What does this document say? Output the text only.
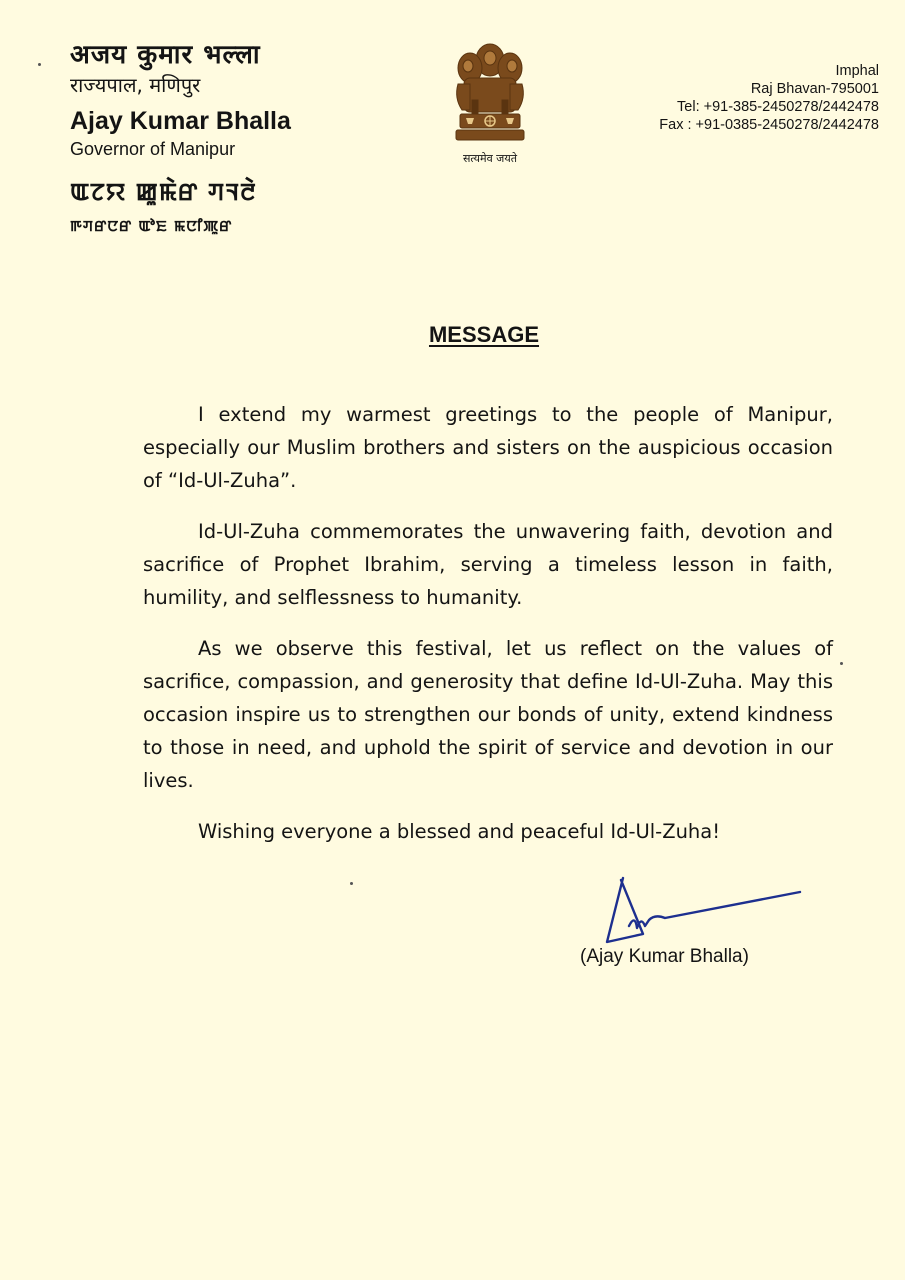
अजय कुमार भल्ला
राज्यपाल, मणिपुर
Ajay Kumar Bhalla
Governor of Manipur
ꯑꯖꯌ ꯀꯨꯃꯥꯔ ꯚꯜꯂꯥ
ꯒꯚꯔꯅꯔ ꯑꯣꯐ ꯃꯅꯤꯄꯨꯔ
सत्यमेव जयते
Imphal
Raj Bhavan-795001
Tel: +91-385-2450278/2442478
Fax : +91-0385-2450278/2442478
MESSAGE

I extend my warmest greetings to the people of Manipur, especially our Muslim brothers and sisters on the auspicious occasion of “Id-Ul-Zuha”.

Id-Ul-Zuha commemorates the unwavering faith, devotion and sacrifice of Prophet Ibrahim, serving a timeless lesson in faith, humility, and selflessness to humanity.

As we observe this festival, let us reflect on the values of sacrifice, compassion, and generosity that define Id-Ul-Zuha. May this occasion inspire us to strengthen our bonds of unity, extend kindness to those in need, and uphold the spirit of service and devotion in our lives.

Wishing everyone a blessed and peaceful Id-Ul-Zuha!

(Ajay Kumar Bhalla)
